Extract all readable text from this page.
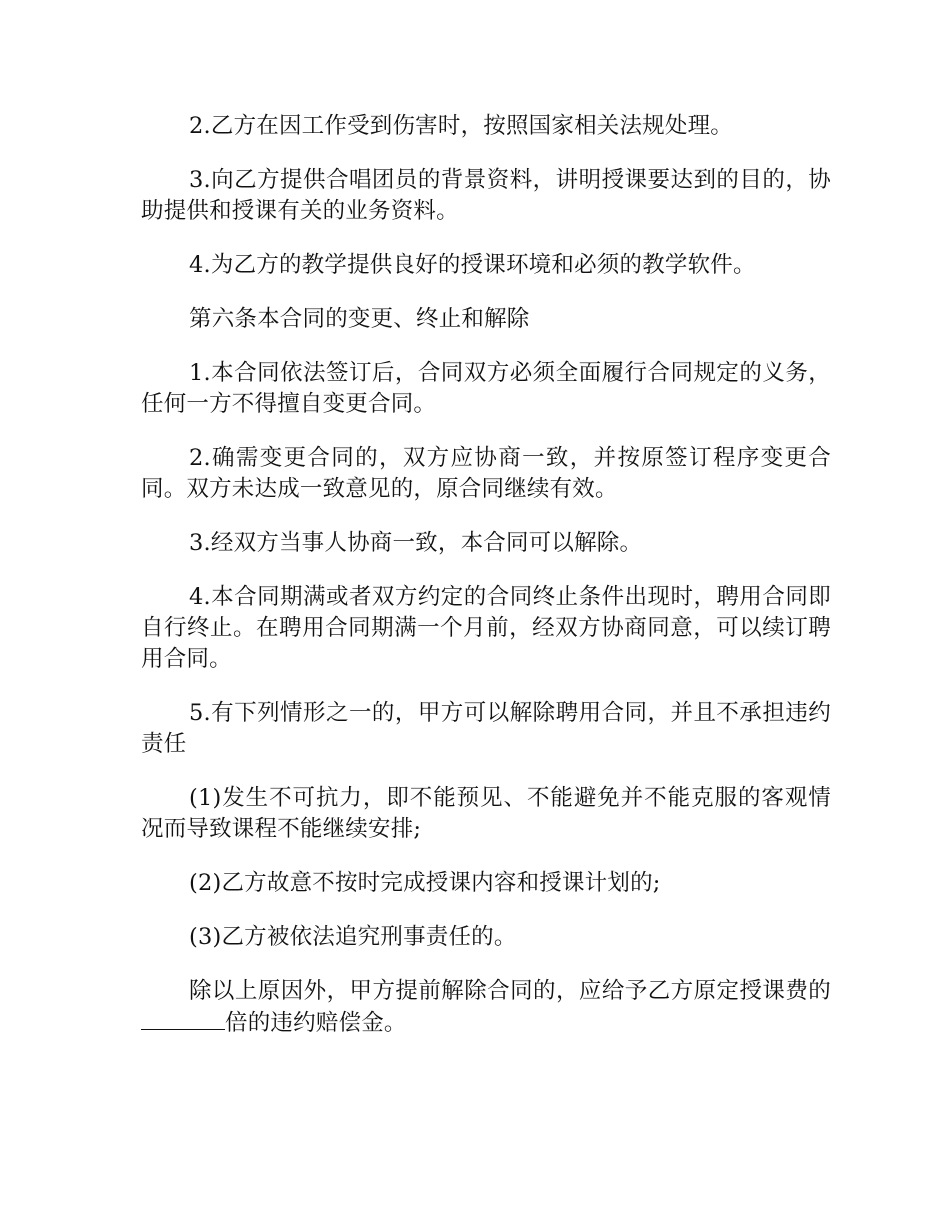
2.乙方在因工作受到伤害时，按照国家相关法规处理。

3.向乙方提供合唱团员的背景资料，讲明授课要达到的目的，协助提供和授课有关的业务资料。

4.为乙方的教学提供良好的授课环境和必须的教学软件。

第六条本合同的变更、终止和解除

1.本合同依法签订后，合同双方必须全面履行合同规定的义务，任何一方不得擅自变更合同。

2.确需变更合同的，双方应协商一致，并按原签订程序变更合同。双方未达成一致意见的，原合同继续有效。

3.经双方当事人协商一致，本合同可以解除。

4.本合同期满或者双方约定的合同终止条件出现时，聘用合同即自行终止。在聘用合同期满一个月前，经双方协商同意，可以续订聘用合同。

5.有下列情形之一的，甲方可以解除聘用合同，并且不承担违约责任

(1)发生不可抗力，即不能预见、不能避免并不能克服的客观情况而导致课程不能继续安排;

(2)乙方故意不按时完成授课内容和授课计划的;

(3)乙方被依法追究刑事责任的。

除以上原因外，甲方提前解除合同的，应给予乙方原定授课费的倍的违约赔偿金。
